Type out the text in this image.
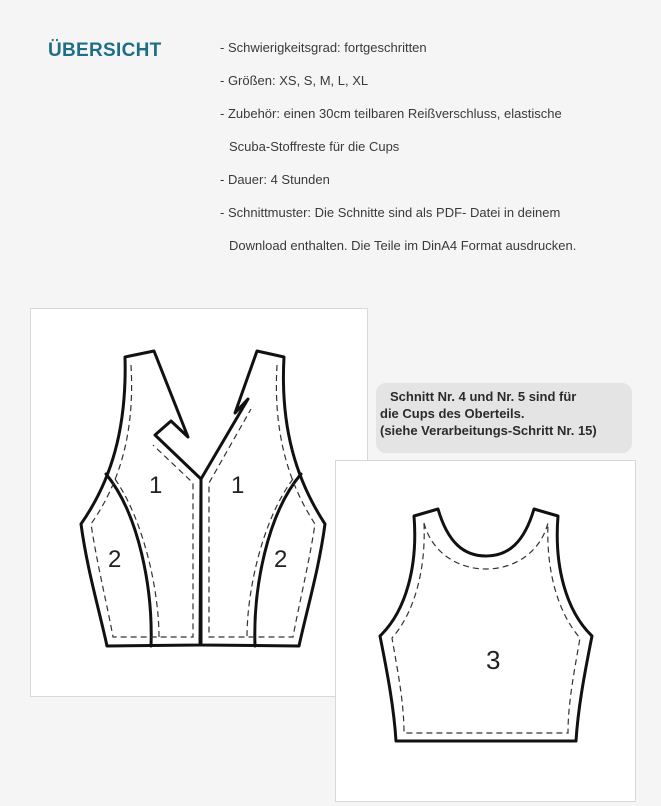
ÜBERSICHT	- Schwierigkeitsgrad: fortgeschritten
- Größen: XS, S, M, L, XL
- Zubehör: einen 30cm teilbaren Reißverschluss, elastische
Scuba-Stoffreste für die Cups
- Dauer: 4 Stunden
- Schnittmuster: Die Schnitte sind als PDF- Datei in deinem
Download enthalten. Die Teile im DinA4 Format ausdrucken.
1	1
2	2
Schnitt Nr. 4 und Nr. 5 sind für
die Cups des Oberteils.
(siehe Verarbeitungs-Schritt Nr. 15)
3
